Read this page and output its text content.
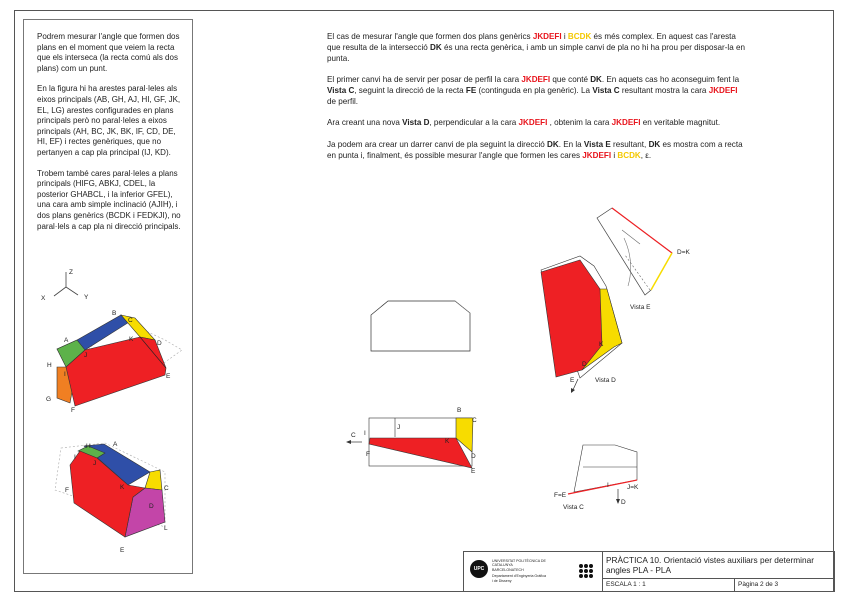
Podrem mesurar l'angle que formen dos plans en el moment que veiem la recta que els interseca (la recta comú als dos plans) com un punt.

En la figura hi ha arestes paral·leles als eixos principals (AB, GH, AJ, HI, GF, JK, EL, LG) arestes configurades en plans principals però no paral·leles a eixos principals (AH, BC, JK, BK, IF, CD, DE, HI, EF) i rectes genèriques, que no pertanyen a cap pla principal (IJ, KD).

Trobem també cares paral·leles a plans principals (HIFG, ABKJ, CDEL, la posterior GHABCL, i la inferior GFEL), una cara amb simple inclinació (AJIH), i dos plans genèrics (BCDK i FEDKJI), no paral·lels a cap pla ni direcció principals.

El cas de mesurar l'angle que formen dos plans genèrics JKDEFI i BCDK és més complex. En aquest cas l'aresta que resulta de la intersecció DK és una recta genèrica, i amb un simple canvi de pla no hi ha prou per disposar-la en punta.

El primer canvi ha de servir per posar de perfil la cara JKDEFI que conté DK. En aquets cas ho aconseguim fent la Vista C, seguint la direcció de la recta FE (continguda en pla genèric). La Vista C resultant mostra la cara JKDEFI de perfil.

Ara creant una nova Vista D, perpendicular a la cara JKDEFI , obtenim la cara JKDEFI en veritable magnitut.

Ja podem ara crear un darrer canvi de pla seguint la direcció DK. En la Vista E resultant, DK es mostra com a recta en punta i, finalment, és possible mesurar l'angle que formen les cares JKDEFI i BCDK, ε.

Z
X	Y
B
C
A	K
J
D
H
I	E
G
F
A
H
I
J
K	C
F
D
L
E
B
C
J
I
K
C
F	D
E
I
F=E
J=K
Vista C
D
K
D
E	Vista D
D=K
Vista E
UPC
UNIVERSITAT POLITÈCNICA DE CATALUNYA
BARCELONATECH
Departament d'Enginyeria Gràfica
i de Disseny
PRÀCTICA 10. Orientació vistes auxiliars per determinar angles PLA - PLA
ESCALA 1 : 1	Pàgina 2 de 3
